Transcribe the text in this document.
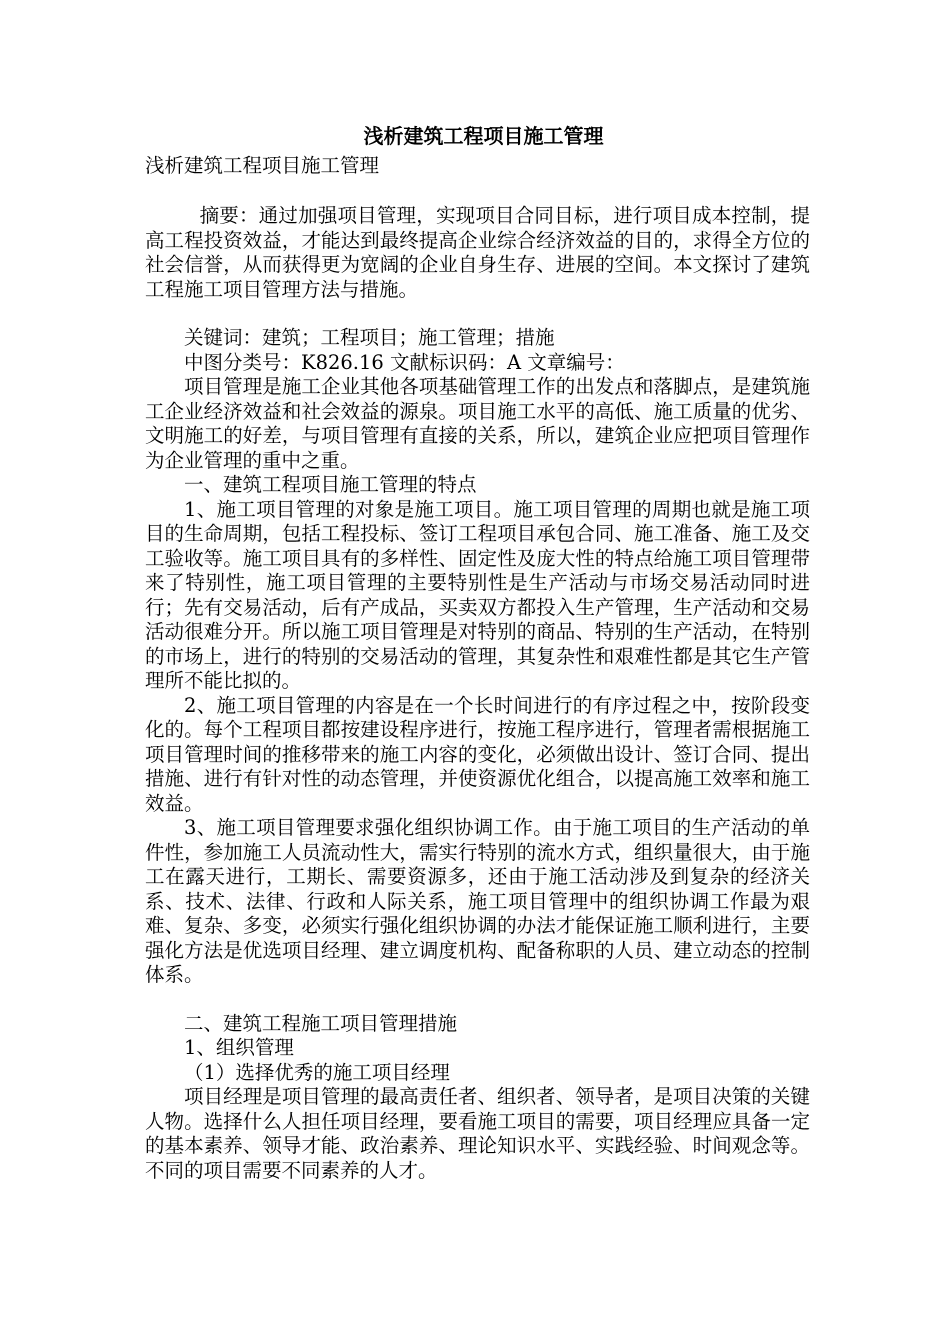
浅析建筑工程项目施工管理

浅析建筑工程项目施工管理

摘要：通过加强项目管理，实现项目合同目标，进行项目成本控制，提高工程投资效益，才能达到最终提高企业综合经济效益的目的，求得全方位的社会信誉，从而获得更为宽阔的企业自身生存、进展的空间。本文探讨了建筑工程施工项目管理方法与措施。

关键词：建筑；工程项目；施工管理；措施

中图分类号：K826.16 文献标识码：A 文章编号：

项目管理是施工企业其他各项基础管理工作的出发点和落脚点，是建筑施工企业经济效益和社会效益的源泉。项目施工水平的高低、施工质量的优劣、文明施工的好差，与项目管理有直接的关系，所以，建筑企业应把项目管理作为企业管理的重中之重。

一、建筑工程项目施工管理的特点

1、施工项目管理的对象是施工项目。施工项目管理的周期也就是施工项目的生命周期，包括工程投标、签订工程项目承包合同、施工准备、施工及交工验收等。施工项目具有的多样性、固定性及庞大性的特点给施工项目管理带来了特别性，施工项目管理的主要特别性是生产活动与市场交易活动同时进行；先有交易活动，后有产成品，买卖双方都投入生产管理，生产活动和交易活动很难分开。所以施工项目管理是对特别的商品、特别的生产活动，在特别的市场上，进行的特别的交易活动的管理，其复杂性和艰难性都是其它生产管理所不能比拟的。

2、施工项目管理的内容是在一个长时间进行的有序过程之中，按阶段变化的。每个工程项目都按建设程序进行，按施工程序进行，管理者需根据施工项目管理时间的推移带来的施工内容的变化，必须做出设计、签订合同、提出措施、进行有针对性的动态管理，并使资源优化组合，以提高施工效率和施工效益。

3、施工项目管理要求强化组织协调工作。由于施工项目的生产活动的单件性，参加施工人员流动性大，需实行特别的流水方式，组织量很大，由于施工在露天进行，工期长、需要资源多，还由于施工活动涉及到复杂的经济关系、技术、法律、行政和人际关系，施工项目管理中的组织协调工作最为艰难、复杂、多变，必须实行强化组织协调的办法才能保证施工顺利进行，主要强化方法是优选项目经理、建立调度机构、配备称职的人员、建立动态的控制体系。

二、建筑工程施工项目管理措施

1、组织管理

（1）选择优秀的施工项目经理

项目经理是项目管理的最高责任者、组织者、领导者，是项目决策的关键人物。选择什么人担任项目经理，要看施工项目的需要，项目经理应具备一定的基本素养、领导才能、政治素养、理论知识水平、实践经验、时间观念等。不同的项目需要不同素养的人才。
